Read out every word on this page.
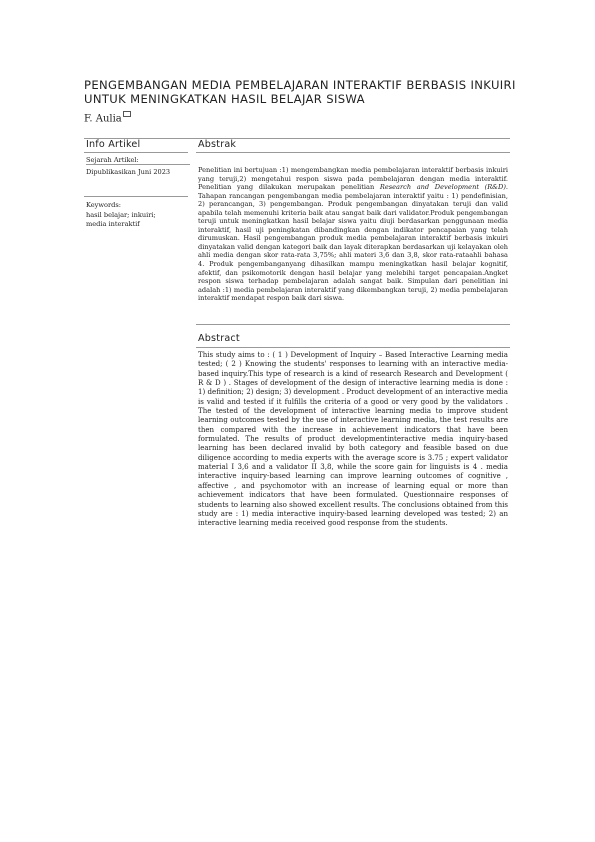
PENGEMBANGAN MEDIA PEMBELAJARAN INTERAKTIF BERBASIS INKUIRI UNTUK MENINGKATKAN HASIL BELAJAR SISWA
F. Aulia
Info Artikel	Abstrak
Sejarah Artikel:
Dipublikasikan Juni 2023
Keywords:
hasil belajar; inkuiri;
media interaktif

Penelitian ini bertujuan :1) mengembangkan media pembelajaran interaktif berbasis inkuiri yang teruji,2) mengetahui respon siswa pada pembelajaran dengan media interaktif. Penelitian yang dilakukan merupakan penelitian Research and Development (R&D). Tahapan rancangan pengembangan media pembelajaran interaktif yaitu : 1) pendefinisian, 2) perancangan, 3) pengembangan. Produk pengembangan dinyatakan teruji dan valid apabila telah memenuhi kriteria baik atau sangat baik dari validator.Produk pengembangan teruji untuk meningkatkan hasil belajar siswa yaitu diuji berdasarkan penggunaan media interaktif, hasil uji peningkatan dibandingkan dengan indikator pencapaian yang telah dirumuskan. Hasil pengembangan produk media pembelajaran interaktif berbasis inkuiri dinyatakan valid dengan kategori baik dan layak diterapkan berdasarkan uji kelayakan oleh ahli media dengan skor rata-rata 3,75%; ahli materi 3,6 dan 3,8, skor rata-rataahli bahasa 4. Produk pengembanganyang dihasilkan mampu meningkatkan hasil belajar kognitif, afektif, dan psikomotorik dengan hasil belajar yang melebihi target pencapaian.Angket respon siswa terhadap pembelajaran adalah sangat baik. Simpulan dari penelitian ini adalah :1) media pembelajaran interaktif yang dikembangkan teruji, 2) media pembelajaran interaktif mendapat respon baik dari siswa.

Abstract

This study aims to : ( 1 ) Development of Inquiry – Based Interactive Learning media tested; ( 2 ) Knowing the students' responses to learning with an interactive media-based inquiry.This type of research is a kind of research Research and Development ( R & D ) . Stages of development of the design of interactive learning media is done : 1) definition; 2) design; 3) development . Product development of an interactive media is valid and tested if it fulfills the criteria of a good or very good by the validators . The tested of the development of interactive learning media to improve student learning outcomes tested by the use of interactive learning media, the test results are then compared with the increase in achievement indicators that have been formulated. The results of product developmentinteractive media inquiry-based learning has been declared invalid by both category and feasible based on due diligence according to media experts with the average score is 3.75 ; expert validator material I 3,6 and a validator II 3,8, while the score gain for linguists is 4 . media interactive inquiry-based learning can improve learning outcomes of cognitive , affective , and psychomotor with an increase of learning equal or more than achievement indicators that have been formulated. Questionnaire responses of students to learning also showed excellent results. The conclusions obtained from this study are : 1) media interactive inquiry-based learning developed was tested; 2) an interactive learning media received good response from the students.
